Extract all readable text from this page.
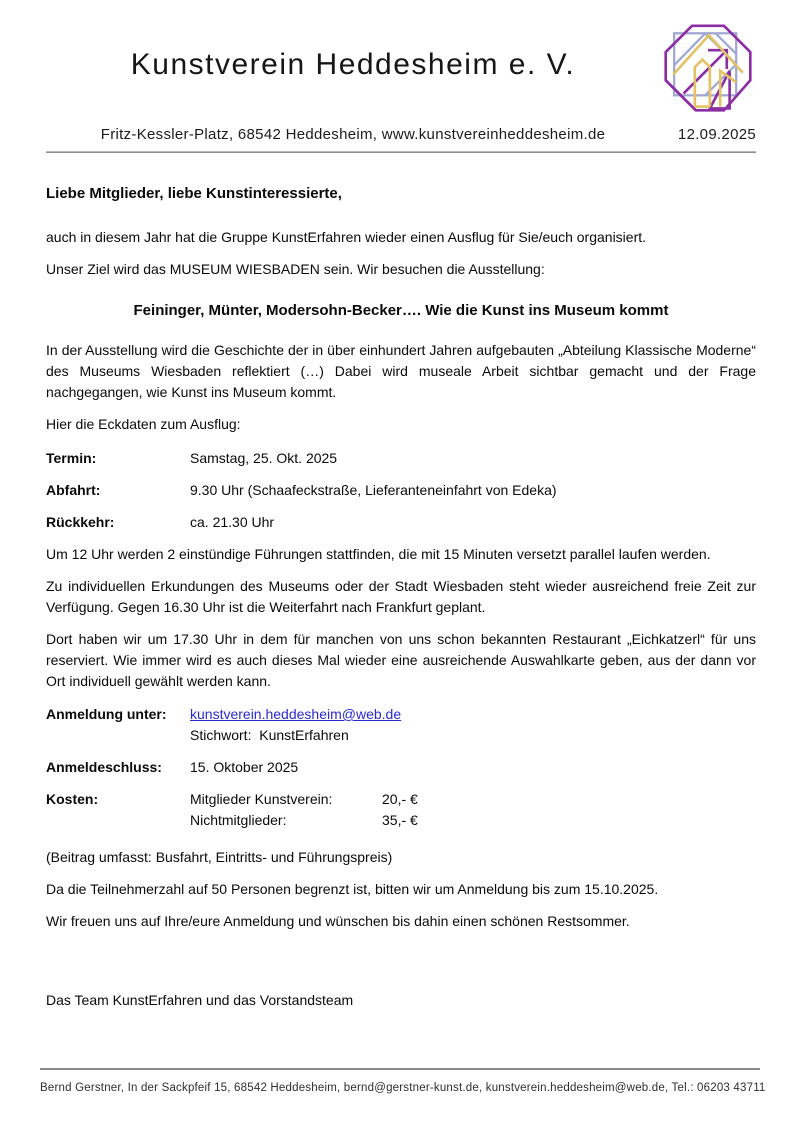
Kunstverein Heddesheim e. V.
Fritz-Kessler-Platz, 68542 Heddesheim, www.kunstvereinheddesheim.de	12.09.2025
Liebe Mitglieder, liebe Kunstinteressierte,
auch in diesem Jahr hat die Gruppe KunstErfahren wieder einen Ausflug für Sie/euch organisiert.
Unser Ziel wird das MUSEUM WIESBADEN sein. Wir besuchen die Ausstellung:
Feininger, Münter, Modersohn-Becker…. Wie die Kunst ins Museum kommt
In der Ausstellung wird die Geschichte der in über einhundert Jahren aufgebauten „Abteilung Klassische Moderne“ des Museums Wiesbaden reflektiert (…) Dabei wird museale Arbeit sichtbar gemacht und der Frage nachgegangen, wie Kunst ins Museum kommt.
Hier die Eckdaten zum Ausflug:
Termin:	Samstag, 25. Okt. 2025
Abfahrt:	9.30 Uhr (Schaafeckstraße, Lieferanteneinfahrt von Edeka)
Rückkehr:	ca. 21.30 Uhr
Um 12 Uhr werden 2 einstündige Führungen stattfinden, die mit 15 Minuten versetzt parallel laufen werden.
Zu individuellen Erkundungen des Museums oder der Stadt Wiesbaden steht wieder ausreichend freie Zeit zur Verfügung. Gegen 16.30 Uhr ist die Weiterfahrt nach Frankfurt geplant.
Dort haben wir um 17.30 Uhr in dem für manchen von uns schon bekannten Restaurant „Eichkatzerl“ für uns reserviert. Wie immer wird es auch dieses Mal wieder eine ausreichende Auswahlkarte geben, aus der dann vor Ort individuell gewählt werden kann.
Anmeldung unter:	kunstverein.heddesheim@web.de
Stichwort:  KunstErfahren
Anmeldeschluss:	15. Oktober 2025
Kosten:	Mitglieder Kunstverein:	20,- €
Nichtmitglieder:	35,- €
(Beitrag umfasst: Busfahrt, Eintritts- und Führungspreis)
Da die Teilnehmerzahl auf 50 Personen begrenzt ist, bitten wir um Anmeldung bis zum 15.10.2025.
Wir freuen uns auf Ihre/eure Anmeldung und wünschen bis dahin einen schönen Restsommer.
Das Team KunstErfahren und das Vorstandsteam
Bernd Gerstner, In der Sackpfeif 15, 68542 Heddesheim, bernd@gerstner-kunst.de, kunstverein.heddesheim@web.de, Tel.: 06203 43711
